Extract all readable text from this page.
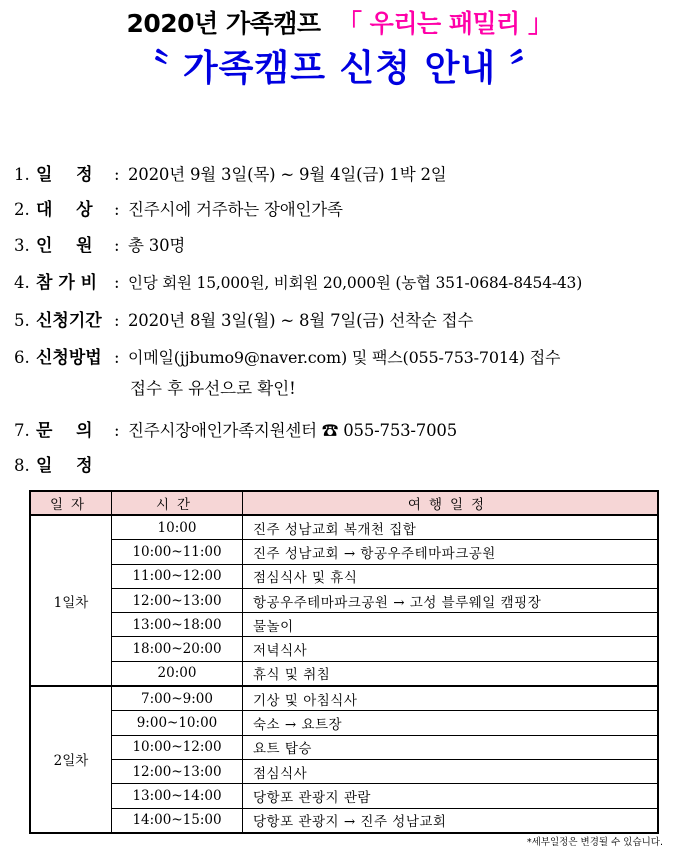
2020년 가족캠프 「 우리는 패밀리 」
〝 가족캠프 신청 안내 〞
1. 일    정 : 2020년 9월 3일(목) ~ 9월 4일(금) 1박 2일
2. 대    상 : 진주시에 거주하는 장애인가족
3. 인    원 : 총 30명
4. 참 가 비 : 인당 회원 15,000원, 비회원 20,000원 (농협 351-0684-8454-43)
5. 신청기간 : 2020년 8월 3일(월) ~ 8월 7일(금) 선착순 접수
6. 신청방법 : 이메일(jjbumo9@naver.com) 및 팩스(055-753-7014) 접수
접수 후 유선으로 확인!
7. 문    의 : 진주시장애인가족지원센터 ☎ 055-753-7005
8. 일    정
일자	시간	여행일정
1일차	10:00	진주 성남교회 복개천 집합
	10:00~11:00	진주 성남교회 → 항공우주테마파크공원
	11:00~12:00	점심식사 및 휴식
	12:00~13:00	항공우주테마파크공원 → 고성 블루웨일 캠핑장
	13:00~18:00	물놀이
	18:00~20:00	저녁식사
	20:00	휴식 및 취침
2일차	7:00~9:00	기상 및 아침식사
	9:00~10:00	숙소 → 요트장
	10:00~12:00	요트 탑승
	12:00~13:00	점심식사
	13:00~14:00	당항포 관광지 관람
	14:00~15:00	당항포 관광지 → 진주 성남교회
*세부일정은 변경될 수 있습니다.
